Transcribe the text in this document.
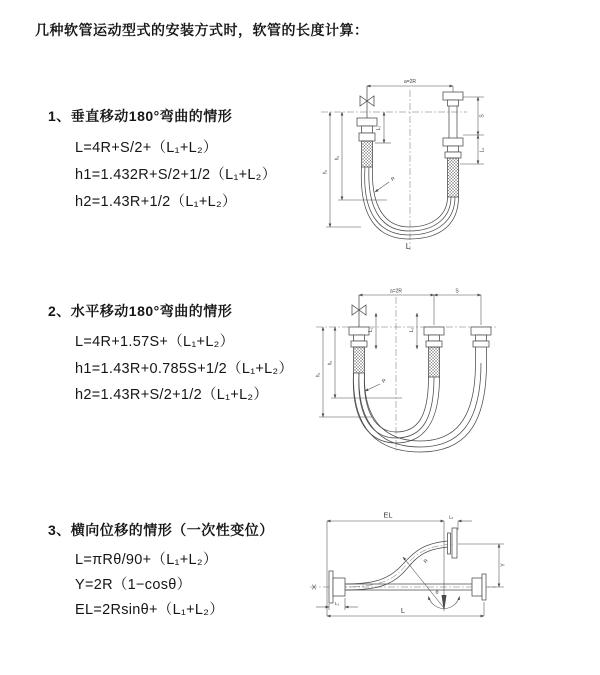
几种软管运动型式的安装方式时，软管的长度计算：
1、垂直移动180°弯曲的情形
L=4R+S/2+（L₁+L₂）
h1=1.432R+S/2+1/2（L₁+L₂）
h2=1.43R+1/2（L₁+L₂）
a=2R
L₁
S
L₂
h₁
h₂
R
L
2、水平移动180°弯曲的情形
L=4R+1.57S+（L₁+L₂）
h1=1.43R+0.785S+1/2（L₁+L₂）
h2=1.43R+S/2+1/2（L₁+L₂）
a=2R	S
L₁	L₂
h₁
h₂
R
3、横向位移的情形（一次性变位）
L=πRθ/90+（L₁+L₂）
Y=2R（1−cosθ）
EL=2Rsinθ+（L₁+L₂）
EL	L₂
R
θ
Y
L
L₁
